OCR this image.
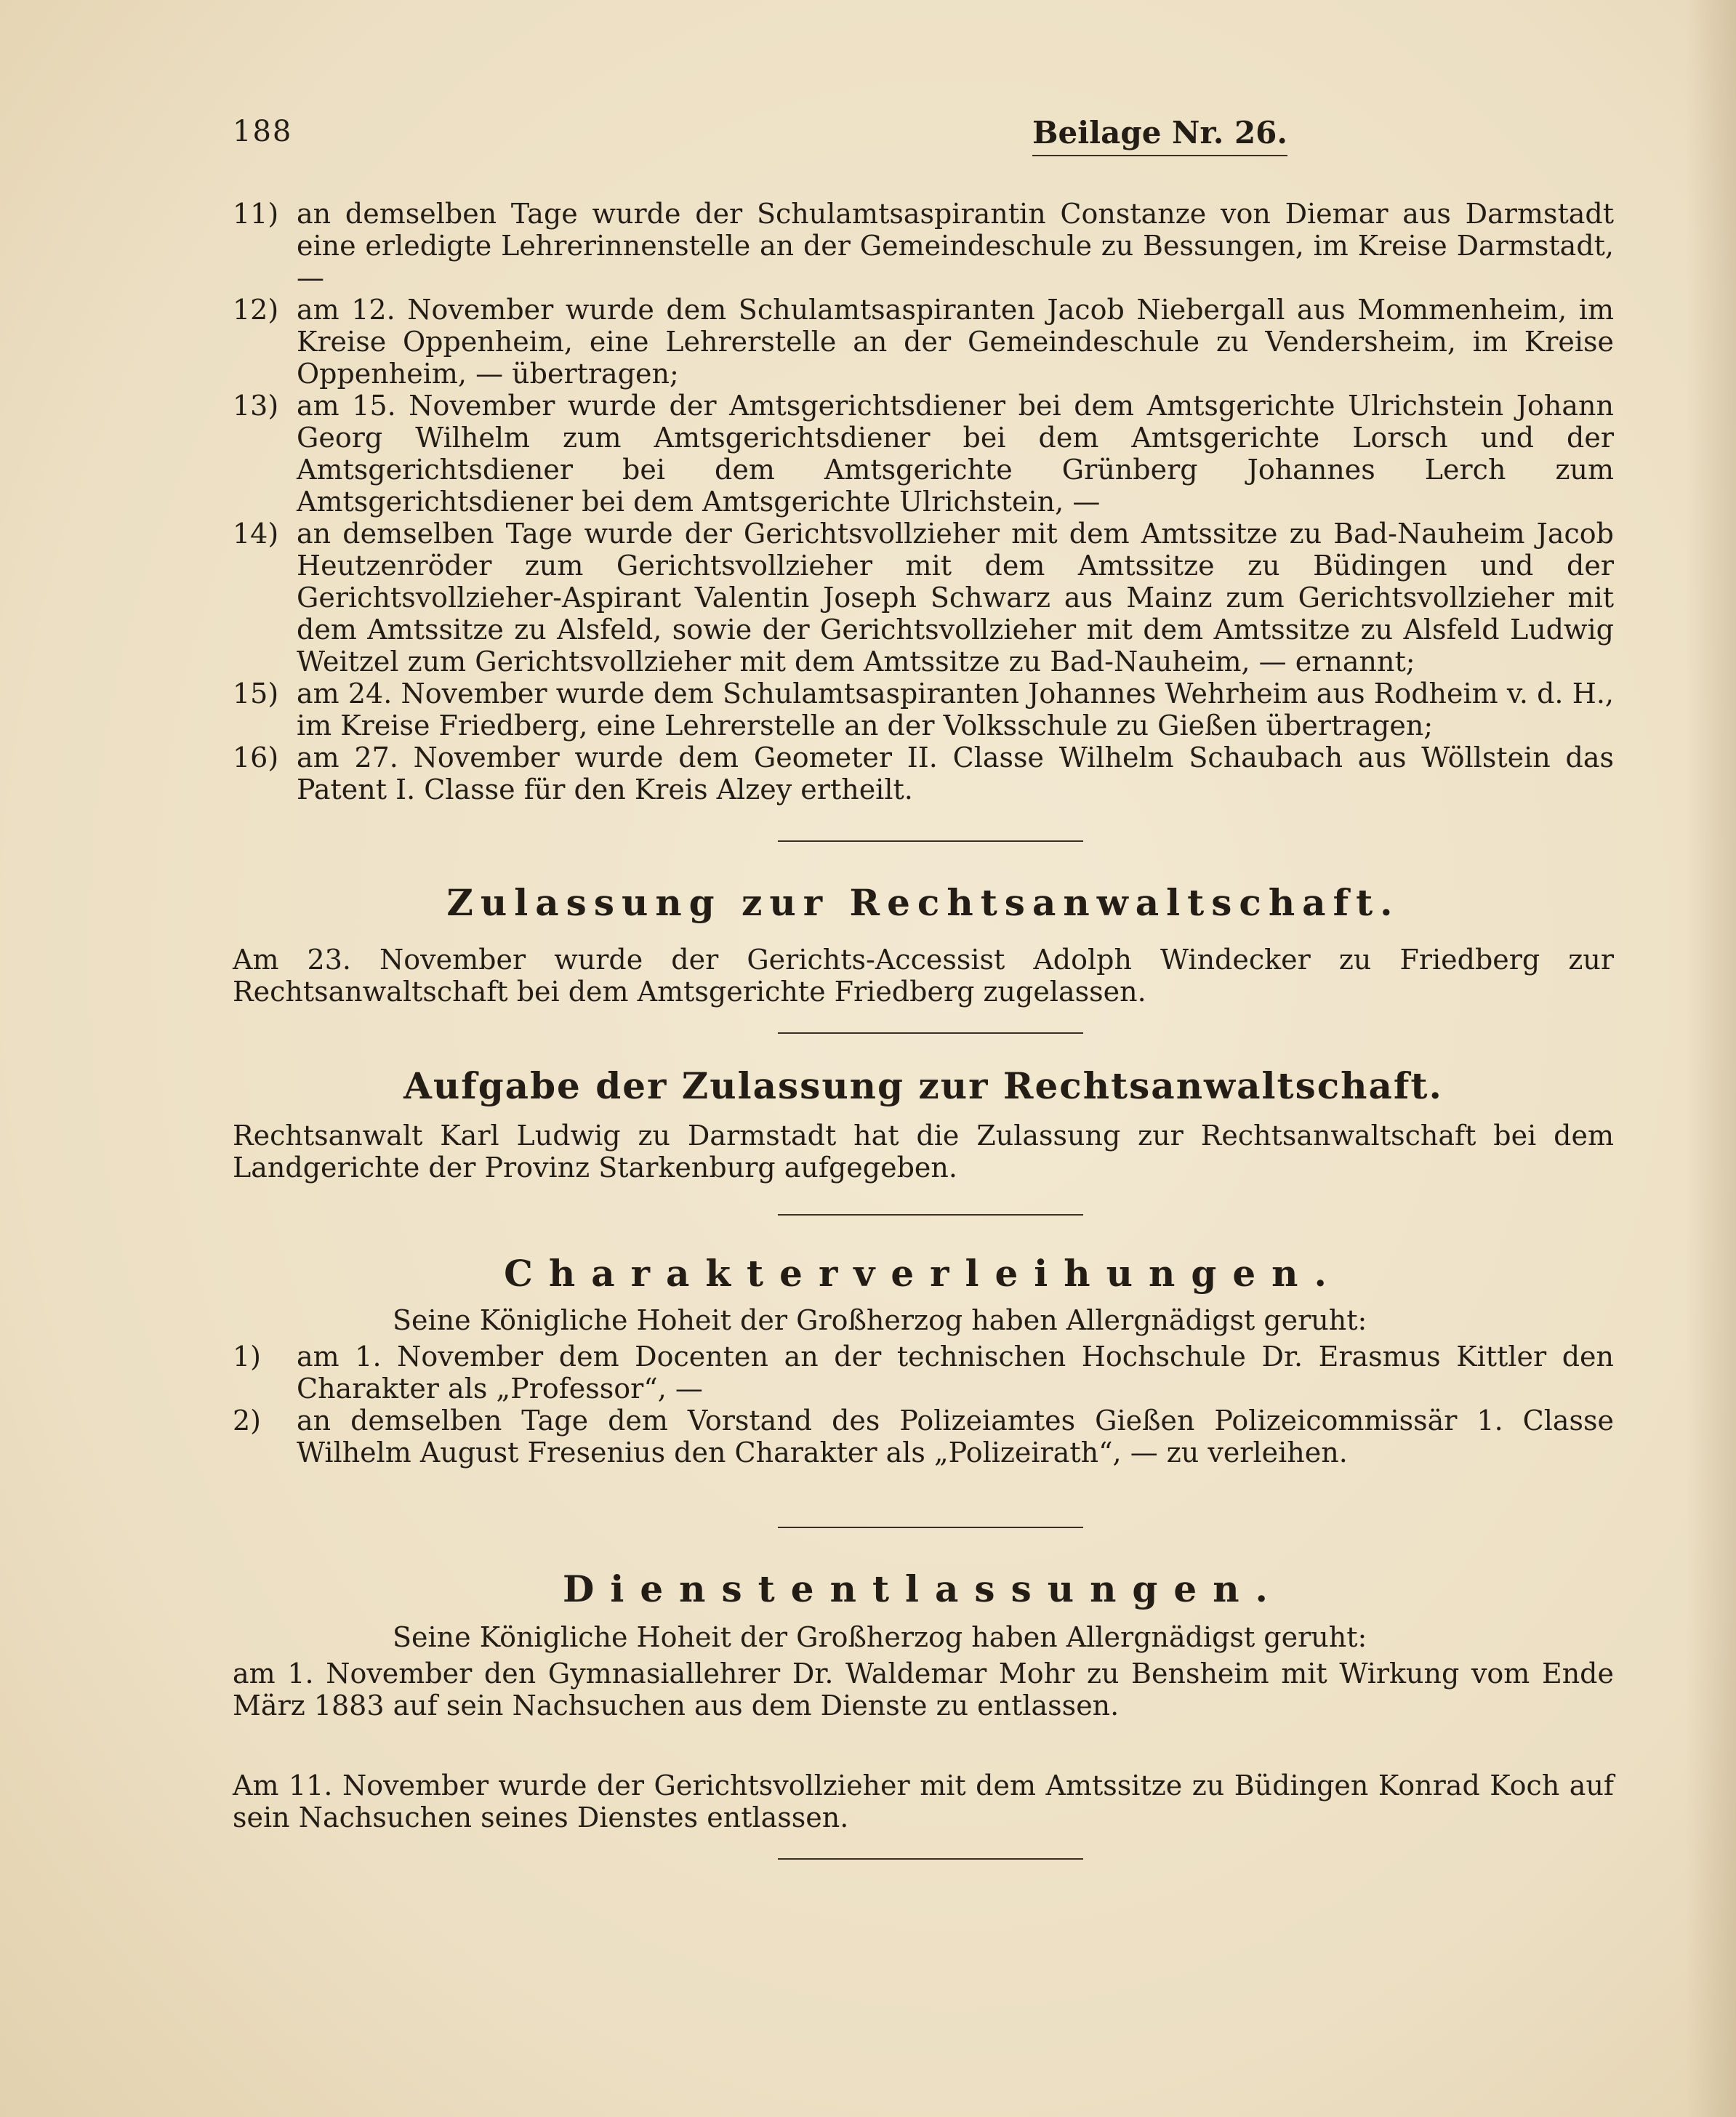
188	Beilage Nr. 26.
11) an demselben Tage wurde der Schulamtsaspirantin Constanze von Diemar aus Darmstadt eine erledigte Lehrerinnenstelle an der Gemeindeschule zu Bessungen, im Kreise Darmstadt, —
12) am 12. November wurde dem Schulamtsaspiranten Jacob Niebergall aus Mommenheim, im Kreise Oppenheim, eine Lehrerstelle an der Gemeindeschule zu Vendersheim, im Kreise Oppenheim, — übertragen;
13) am 15. November wurde der Amtsgerichtsdiener bei dem Amtsgerichte Ulrichstein Johann Georg Wilhelm zum Amtsgerichtsdiener bei dem Amtsgerichte Lorsch und der Amtsgerichtsdiener bei dem Amtsgerichte Grünberg Johannes Lerch zum Amtsgerichtsdiener bei dem Amtsgerichte Ulrichstein, —
14) an demselben Tage wurde der Gerichtsvollzieher mit dem Amtssitze zu Bad-Nauheim Jacob Heutzenröder zum Gerichtsvollzieher mit dem Amtssitze zu Büdingen und der Gerichtsvollzieher-Aspirant Valentin Joseph Schwarz aus Mainz zum Gerichtsvollzieher mit dem Amtssitze zu Alsfeld, sowie der Gerichtsvollzieher mit dem Amtssitze zu Alsfeld Ludwig Weitzel zum Gerichtsvollzieher mit dem Amtssitze zu Bad-Nauheim, — ernannt;
15) am 24. November wurde dem Schulamtsaspiranten Johannes Wehrheim aus Rodheim v. d. H., im Kreise Friedberg, eine Lehrerstelle an der Volksschule zu Gießen übertragen;
16) am 27. November wurde dem Geometer II. Classe Wilhelm Schaubach aus Wöllstein das Patent I. Classe für den Kreis Alzey ertheilt.
Zulassung zur Rechtsanwaltschaft.

Am 23. November wurde der Gerichts-Accessist Adolph Windecker zu Friedberg zur Rechtsanwaltschaft bei dem Amtsgerichte Friedberg zugelassen.

Aufgabe der Zulassung zur Rechtsanwaltschaft.

Rechtsanwalt Karl Ludwig zu Darmstadt hat die Zulassung zur Rechtsanwaltschaft bei dem Landgerichte der Provinz Starkenburg aufgegeben.

Charakterverleihungen.

Seine Königliche Hoheit der Großherzog haben Allergnädigst geruht:

1)	am 1. November dem Docenten an der technischen Hochschule Dr. Erasmus Kittler den Charakter als „Professor“, —
2)	an demselben Tage dem Vorstand des Polizeiamtes Gießen Polizeicommissär 1. Classe Wilhelm August Fresenius den Charakter als „Polizeirath“, — zu verleihen.
Dienstentlassungen.

Seine Königliche Hoheit der Großherzog haben Allergnädigst geruht:

am 1. November den Gymnasiallehrer Dr. Waldemar Mohr zu Bensheim mit Wirkung vom Ende März 1883 auf sein Nachsuchen aus dem Dienste zu entlassen.

Am 11. November wurde der Gerichtsvollzieher mit dem Amtssitze zu Büdingen Konrad Koch auf sein Nachsuchen seines Dienstes entlassen.
